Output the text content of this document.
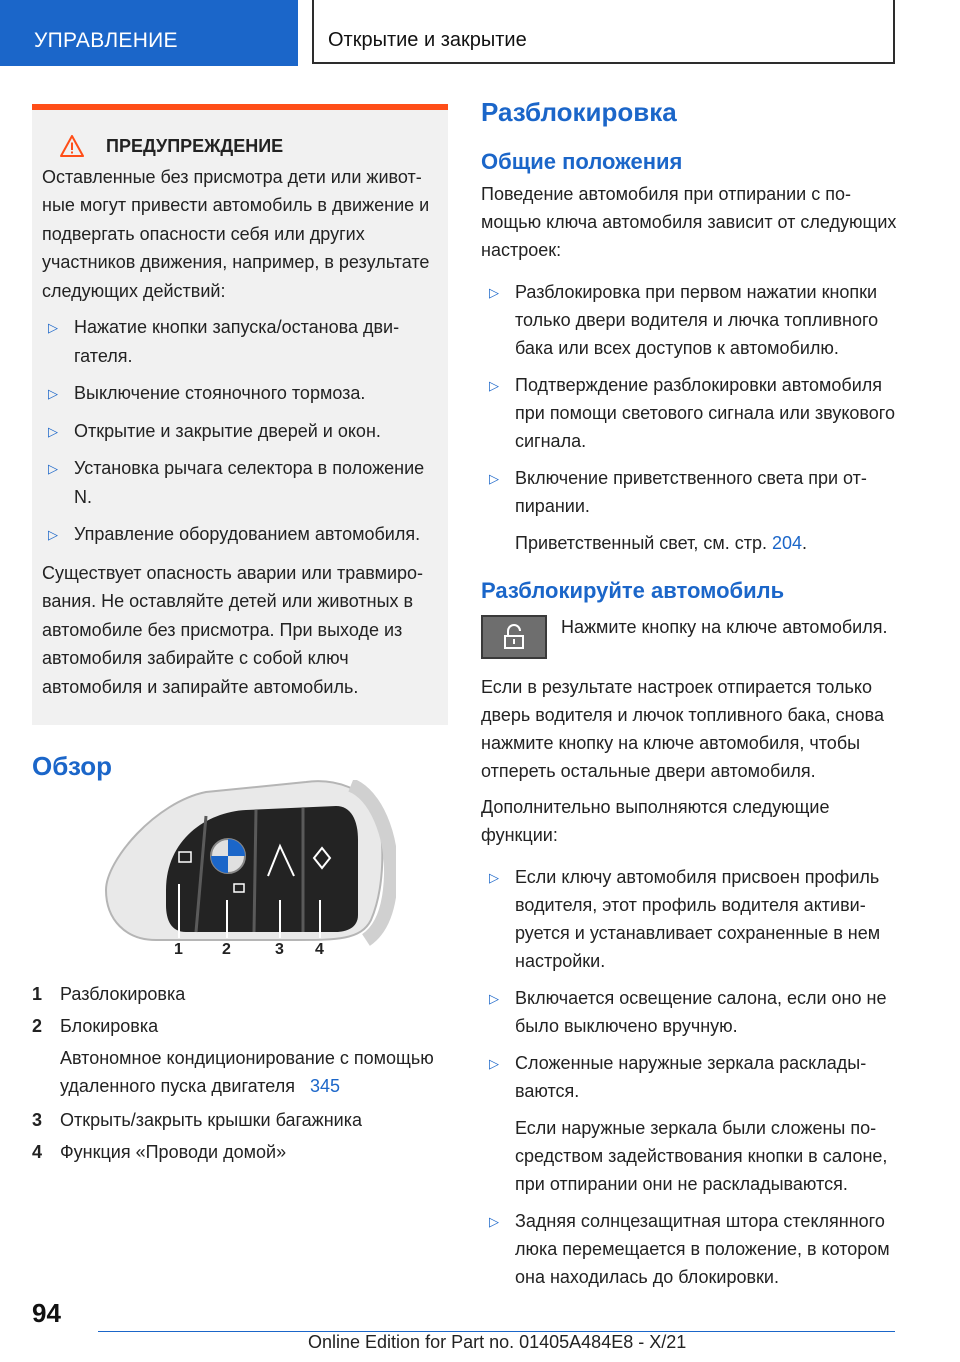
УПРАВЛЕНИЕ	Открытие и закрытие
ПРЕДУПРЕЖДЕНИЕ

Оставленные без присмотра дети или животные могут привести автомобиль в движение и подвергать опасности себя или других участников движения, например, в результате следующих действий:

▷ Нажатие кнопки запуска/останова двигателя.
▷ Выключение стояночного тормоза.
▷ Открытие и закрытие дверей и окон.
▷ Установка рычага селектора в положение N.
▷ Управление оборудованием автомобиля.

Существует опасность аварии или травмирования. Не оставляйте детей или животных в автомобиле без присмотра. При выходе из автомобиля забирайте с собой ключ автомобиля и запирайте автомобиль.

Обзор
1 2	3 4
1 Разблокировка
2 Блокировка
Автономное кондиционирование с помощью удаленного пуска двигателя 345
3 Открыть/закрыть крышки багажника
4 Функция «Проводи домой»
Разблокировка
Общие положения

Поведение автомобиля при отпирании с помощью ключа автомобиля зависит от следующих настроек:

▷ Разблокировка при первом нажатии кнопки только двери водителя и лючка топливного бака или всех доступов к автомобилю.
▷ Подтверждение разблокировки автомобиля при помощи светового сигнала или звукового сигнала.
▷ Включение приветственного света при отпирании.
Приветственный свет, см. стр. 204.
Разблокируйте автомобиль
Нажмите кнопку на ключе автомобиля.

Если в результате настроек отпирается только дверь водителя и лючок топливного бака, снова нажмите кнопку на ключе автомобиля, чтобы отпереть остальные двери автомобиля.

Дополнительно выполняются следующие функции:

▷ Если ключу автомобиля присвоен профиль водителя, этот профиль водителя активируется и устанавливает сохраненные в нем настройки.
▷ Включается освещение салона, если оно не было выключено вручную.
▷ Сложенные наружные зеркала раскладываются.
Если наружные зеркала были сложены посредством задействования кнопки в салоне, при отпирании они не раскладываются.
▷ Задняя солнцезащитная штора стеклянного люка перемещается в положение, в котором она находилась до блокировки.
94
Online Edition for Part no. 01405A484E8 - X/21
